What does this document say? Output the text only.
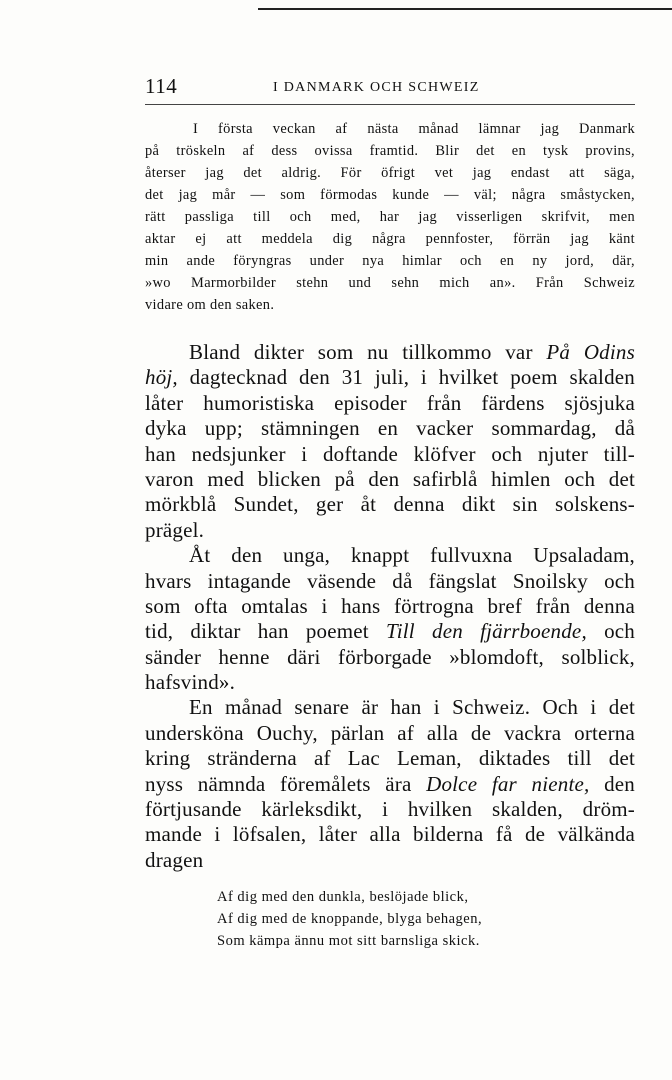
114	I DANMARK OCH SCHWEIZ
I första veckan af nästa månad lämnar jag Danmark
på tröskeln af dess ovissa framtid. Blir det en tysk provins,
återser jag det aldrig. För öfrigt vet jag endast att säga,
det jag mår — som förmodas kunde — väl; några småstycken,
rätt passliga till och med, har jag visserligen skrifvit, men
aktar ej att meddela dig några pennfoster, förrän jag känt
min ande föryngras under nya himlar och en ny jord, där,
»wo Marmorbilder stehn und sehn mich an». Från Schweiz
vidare om den saken.
Bland dikter som nu tillkommo var På Odins
höj, dagtecknad den 31 juli, i hvilket poem skalden
låter humoristiska episoder från färdens sjösjuka
dyka upp; stämningen en vacker sommardag, då
han nedsjunker i doftande klöfver och njuter till-
varon med blicken på den safirblå himlen och det
mörkblå Sundet, ger åt denna dikt sin solskens-
prägel.
Åt den unga, knappt fullvuxna Upsaladam,
hvars intagande väsende då fängslat Snoilsky och
som ofta omtalas i hans förtrogna bref från denna
tid, diktar han poemet Till den fjärrboende, och
sänder henne däri förborgade »blomdoft, solblick,
hafsvind».
En månad senare är han i Schweiz. Och i det
undersköna Ouchy, pärlan af alla de vackra orterna
kring stränderna af Lac Leman, diktades till det
nyss nämnda föremålets ära Dolce far niente, den
förtjusande kärleksdikt, i hvilken skalden, dröm-
mande i löfsalen, låter alla bilderna få de välkända
dragen
Af dig med den dunkla, beslöjade blick,
Af dig med de knoppande, blyga behagen,
Som kämpa ännu mot sitt barnsliga skick.
